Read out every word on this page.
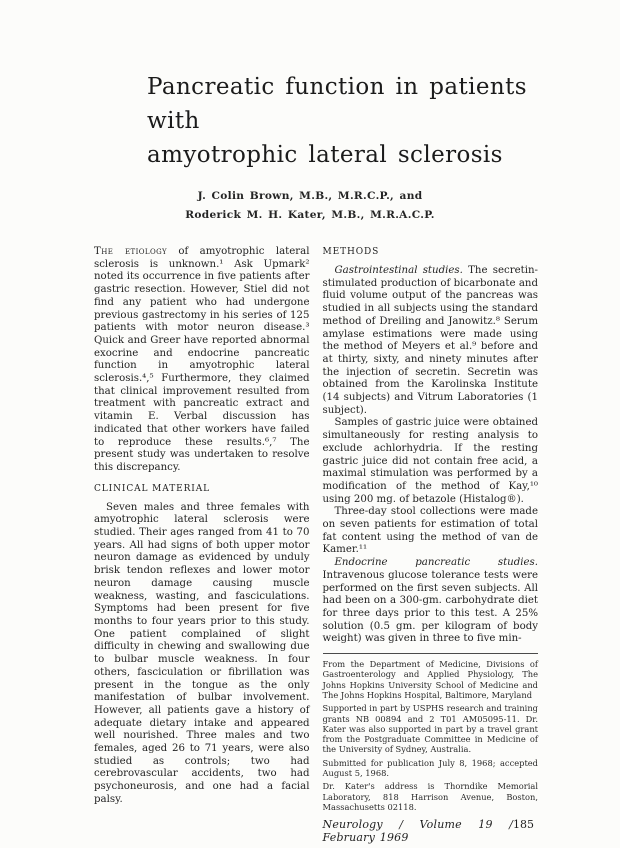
Pancreatic function in patients with
amyotrophic lateral sclerosis
J. Colin Brown, M.B., M.R.C.P., and
Roderick M. H. Kater, M.B., M.R.A.C.P.

The etiology of amyotrophic lateral sclerosis is unknown.¹ Ask Upmark² noted its occurrence in five patients after gastric resection. However, Stiel did not find any patient who had undergone previous gastrectomy in his series of 125 patients with motor neuron disease.³ Quick and Greer have reported abnormal exocrine and endocrine pancreatic function in amyotrophic lateral sclerosis.⁴,⁵ Furthermore, they claimed that clinical improvement resulted from treatment with pancreatic extract and vitamin E. Verbal discussion has indicated that other workers have failed to reproduce these results.⁶,⁷ The present study was undertaken to resolve this discrepancy.

CLINICAL MATERIAL

Seven males and three females with amyotrophic lateral sclerosis were studied. Their ages ranged from 41 to 70 years. All had signs of both upper motor neuron damage as evidenced by unduly brisk tendon reflexes and lower motor neuron damage causing muscle weakness, wasting, and fasciculations. Symptoms had been present for five months to four years prior to this study. One patient complained of slight difficulty in chewing and swallowing due to bulbar muscle weakness. In four others, fasciculation or fibrillation was present in the tongue as the only manifestation of bulbar involvement. However, all patients gave a history of adequate dietary intake and appeared well nourished. Three males and two females, aged 26 to 71 years, were also studied as controls; two had cerebrovascular accidents, two had psychoneurosis, and one had a facial palsy.

METHODS

Gastrointestinal studies. The secretin-stimulated production of bicarbonate and fluid volume output of the pancreas was studied in all subjects using the standard method of Dreiling and Janowitz.⁸ Serum amylase estimations were made using the method of Meyers et al.⁹ before and at thirty, sixty, and ninety minutes after the injection of secretin. Secretin was obtained from the Karolinska Institute (14 subjects) and Vitrum Laboratories (1 subject).

Samples of gastric juice were obtained simultaneously for resting analysis to exclude achlorhydria. If the resting gastric juice did not contain free acid, a maximal stimulation was performed by a modification of the method of Kay,¹⁰ using 200 mg. of betazole (Histalog®).

Three-day stool collections were made on seven patients for estimation of total fat content using the method of van de Kamer.¹¹

Endocrine pancreatic studies. Intravenous glucose tolerance tests were performed on the first seven subjects. All had been on a 300-gm. carbohydrate diet for three days prior to this test. A 25% solution (0.5 gm. per kilogram of body weight) was given in three to five min-

From the Department of Medicine, Divisions of Gastroenterology and Applied Physiology, The Johns Hopkins University School of Medicine and The Johns Hopkins Hospital, Baltimore, Maryland

Supported in part by USPHS research and training grants NB 00894 and 2 T01 AM05095-11. Dr. Kater was also supported in part by a travel grant from the Postgraduate Committee in Medicine of the University of Sydney, Australia.

Submitted for publication July 8, 1968; accepted August 5, 1968.

Dr. Kater's address is Thorndike Memorial Laboratory, 818 Harrison Avenue, Boston, Massachusetts 02118.

Neurology / Volume 19 / February 1969
185
